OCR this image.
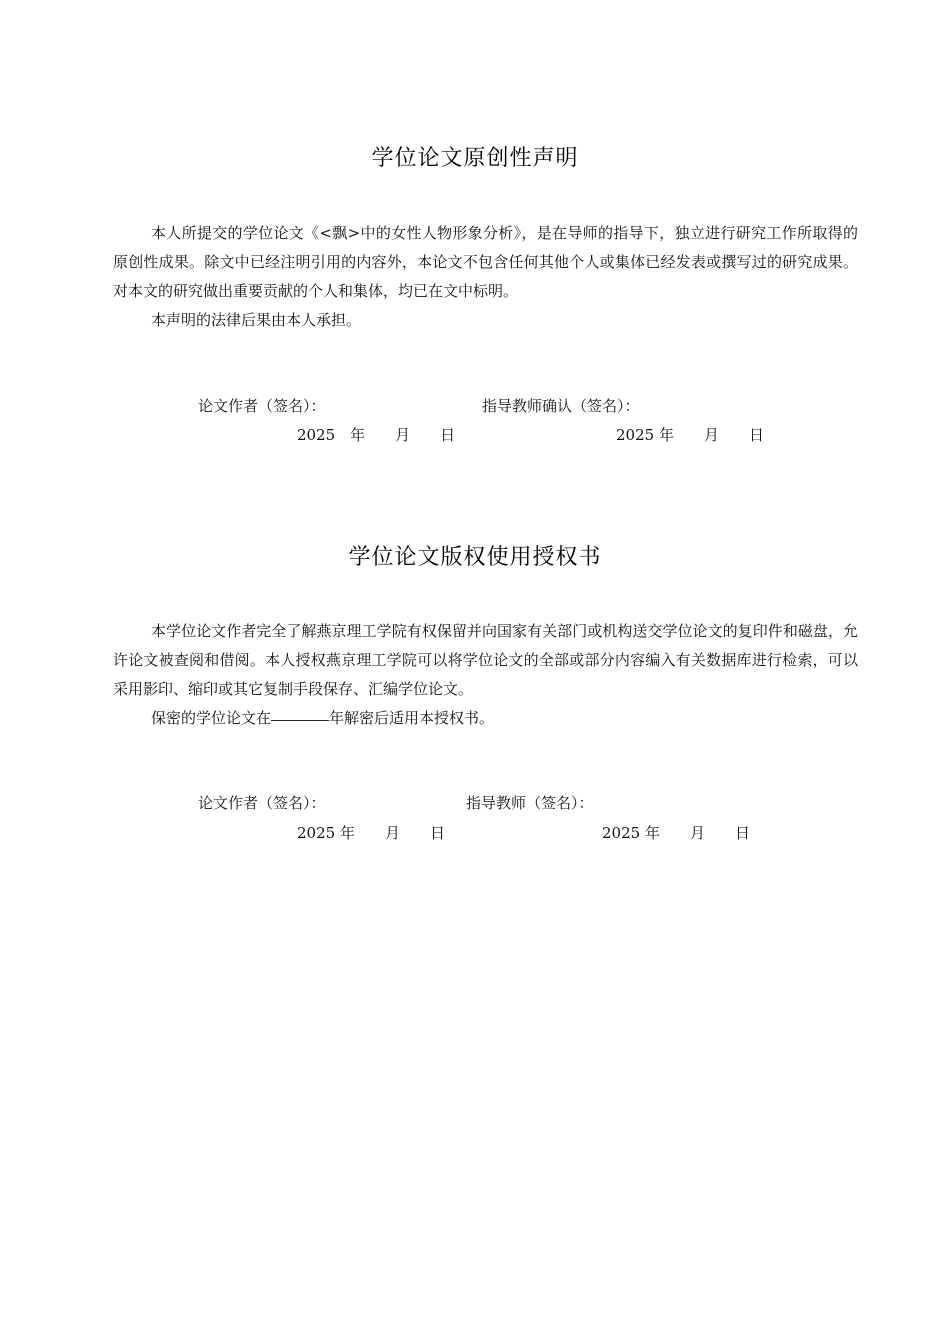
学位论文原创性声明
本人所提交的学位论文《<飘>中的女性人物形象分析》，是在导师的指导下，独立进行研究工作所取得的原创性成果。除文中已经注明引用的内容外，本论文不包含任何其他个人或集体已经发表或撰写过的研究成果。对本文的研究做出重要贡献的个人和集体，均已在文中标明。
本声明的法律后果由本人承担。
论文作者（签名）：	指导教师确认（签名）：
2025　年　　月　　日	2025 年　　月　　日
学位论文版权使用授权书
本学位论文作者完全了解燕京理工学院有权保留并向国家有关部门或机构送交学位论文的复印件和磁盘，允许论文被查阅和借阅。本人授权燕京理工学院可以将学位论文的全部或部分内容编入有关数据库进行检索，可以采用影印、缩印或其它复制手段保存、汇编学位论文。
保密的学位论文在	年解密后适用本授权书。
论文作者（签名）：	指导教师（签名）：
2025 年　　月　　日	2025 年　　月　　日
